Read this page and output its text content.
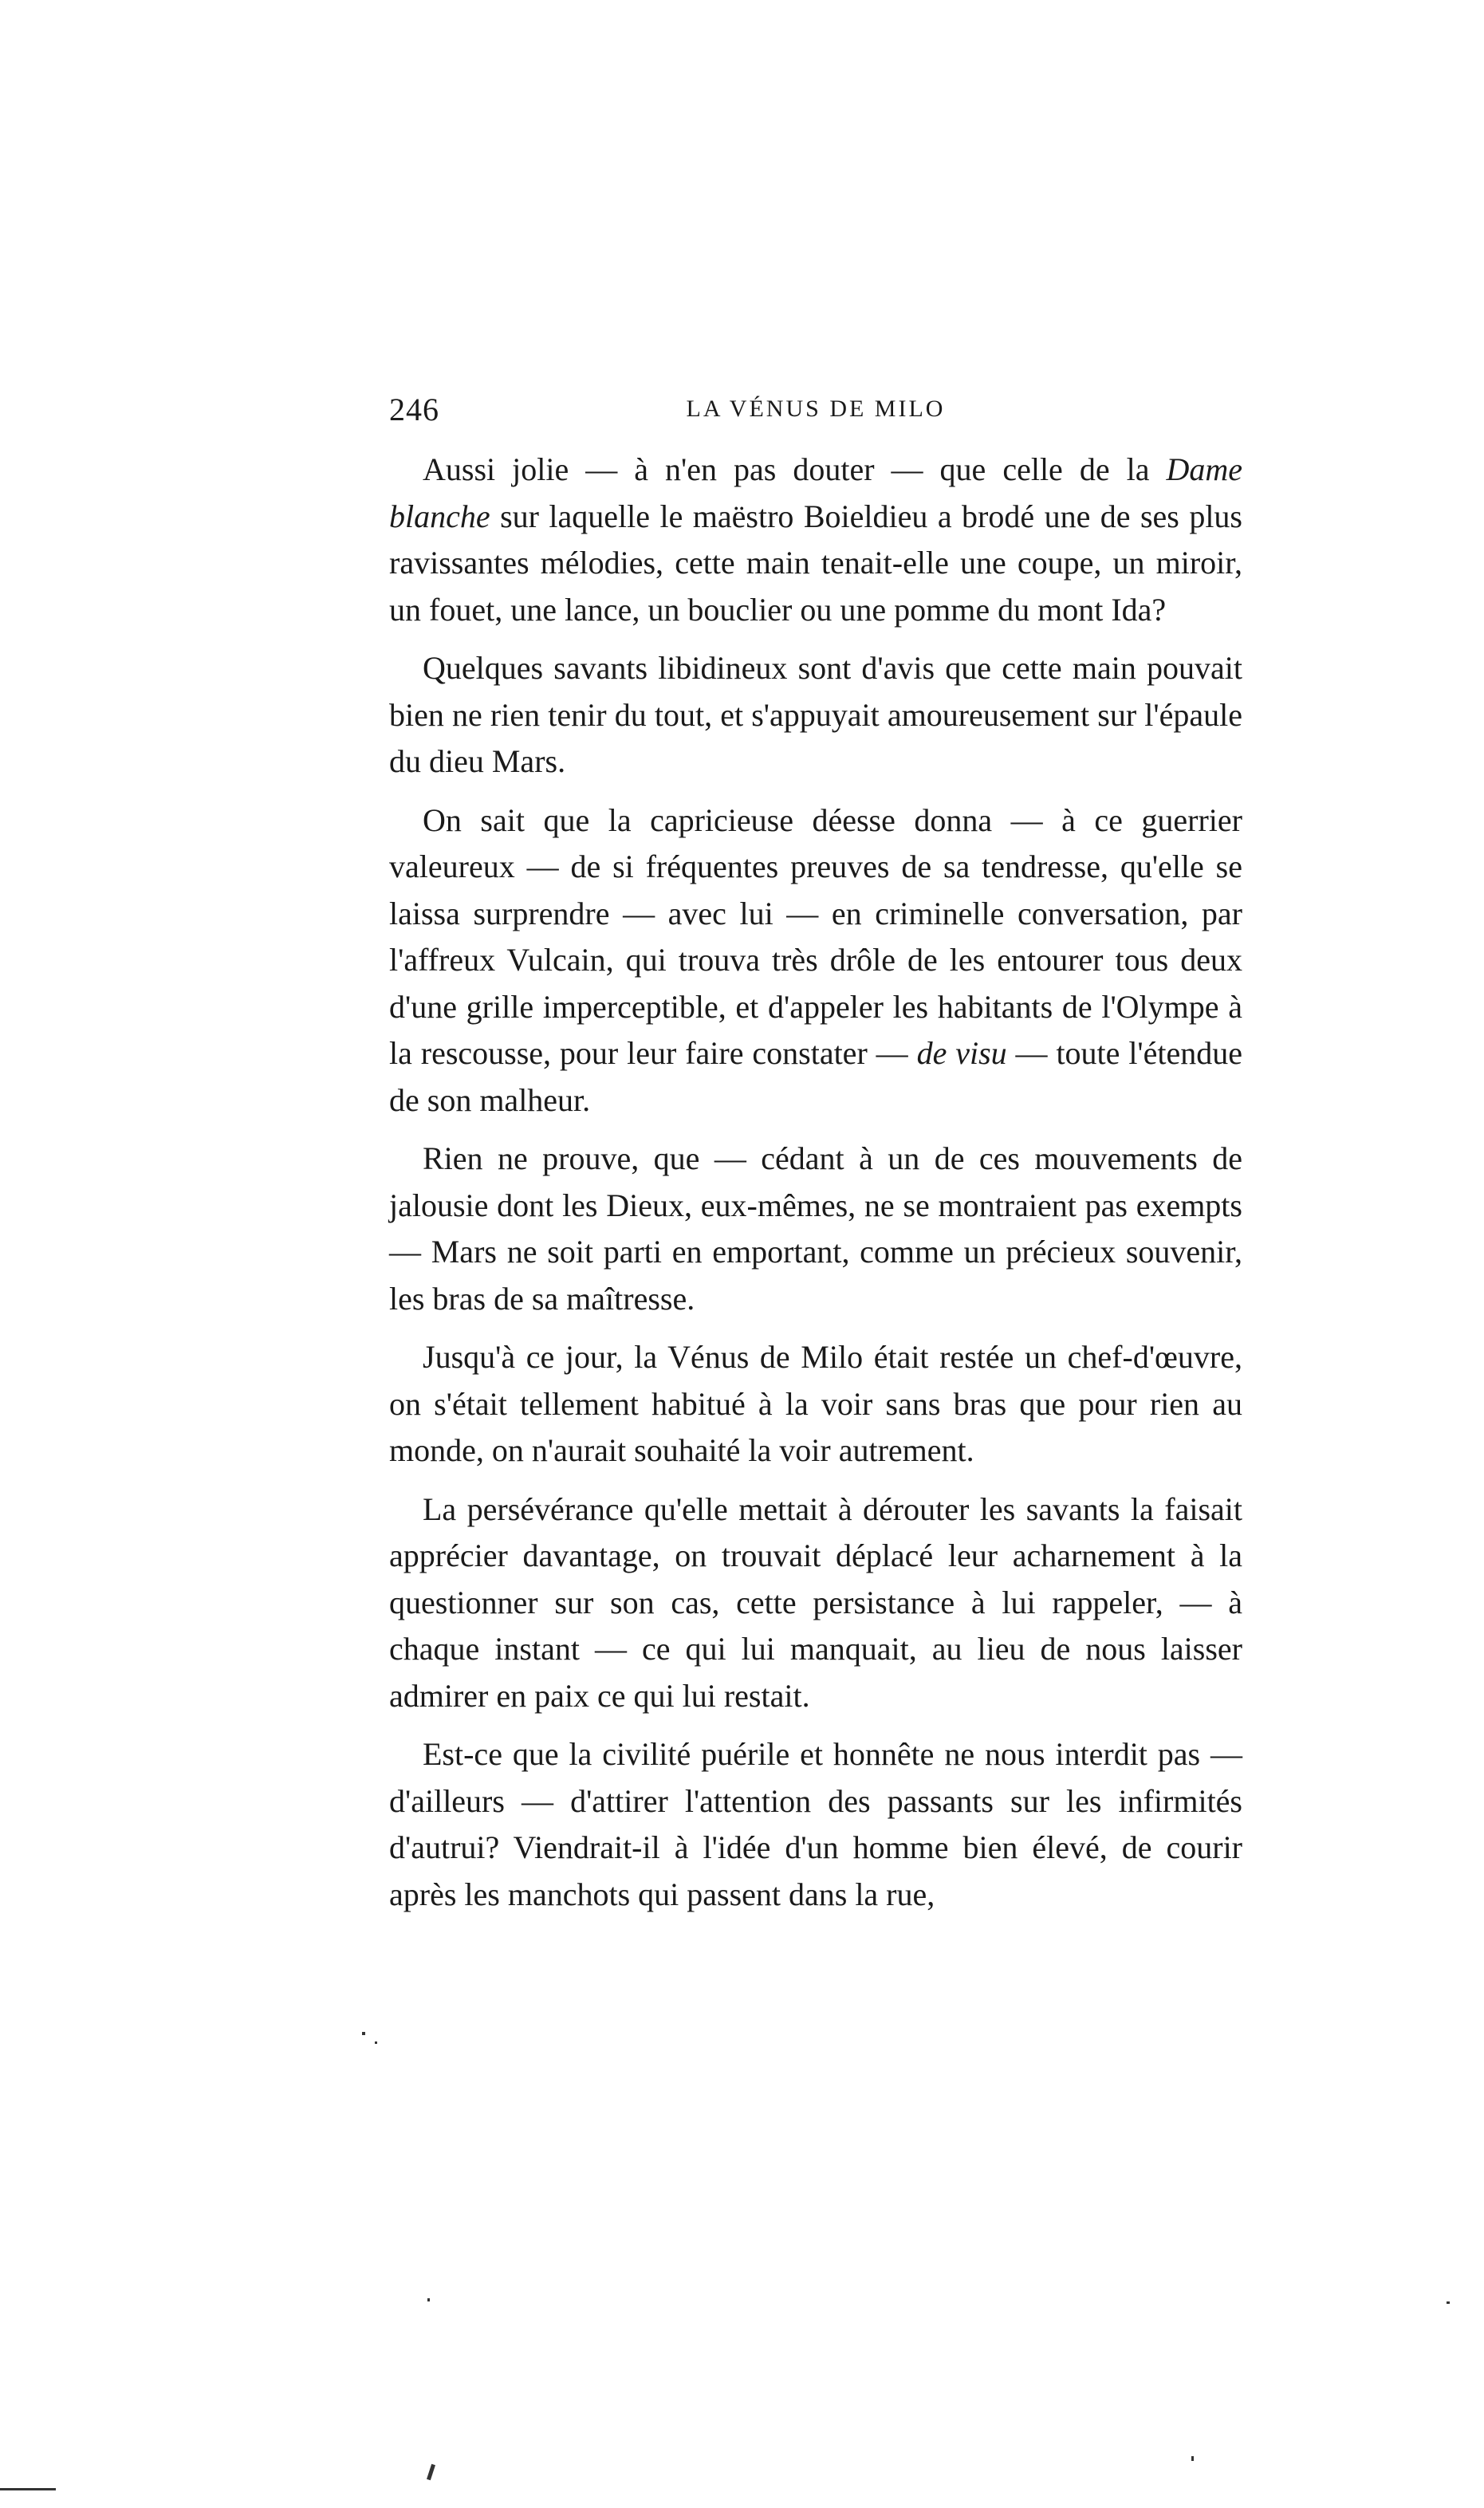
246	LA VÉNUS DE MILO

Aussi jolie — à n'en pas douter — que celle de la Dame blanche sur laquelle le maëstro Boieldieu a brodé une de ses plus ravissantes mélodies, cette main tenait-elle une coupe, un miroir, un fouet, une lance, un bouclier ou une pomme du mont Ida?

Quelques savants libidineux sont d'avis que cette main pouvait bien ne rien tenir du tout, et s'appuyait amoureusement sur l'épaule du dieu Mars.

On sait que la capricieuse déesse donna — à ce guerrier valeureux — de si fréquentes preuves de sa tendresse, qu'elle se laissa surprendre — avec lui — en criminelle conversation, par l'affreux Vulcain, qui trouva très drôle de les entourer tous deux d'une grille imperceptible, et d'appeler les habitants de l'Olympe à la rescousse, pour leur faire constater — de visu — toute l'étendue de son malheur.

Rien ne prouve, que — cédant à un de ces mouvements de jalousie dont les Dieux, eux-mêmes, ne se montraient pas exempts — Mars ne soit parti en emportant, comme un précieux souvenir, les bras de sa maîtresse.

Jusqu'à ce jour, la Vénus de Milo était restée un chef-d'œuvre, on s'était tellement habitué à la voir sans bras que pour rien au monde, on n'aurait souhaité la voir autrement.

La persévérance qu'elle mettait à dérouter les savants la faisait apprécier davantage, on trouvait déplacé leur acharnement à la questionner sur son cas, cette persistance à lui rappeler, — à chaque instant — ce qui lui manquait, au lieu de nous laisser admirer en paix ce qui lui restait.

Est-ce que la civilité puérile et honnête ne nous interdit pas — d'ailleurs — d'attirer l'attention des passants sur les infirmités d'autrui? Viendrait-il à l'idée d'un homme bien élevé, de courir après les manchots qui passent dans la rue,
